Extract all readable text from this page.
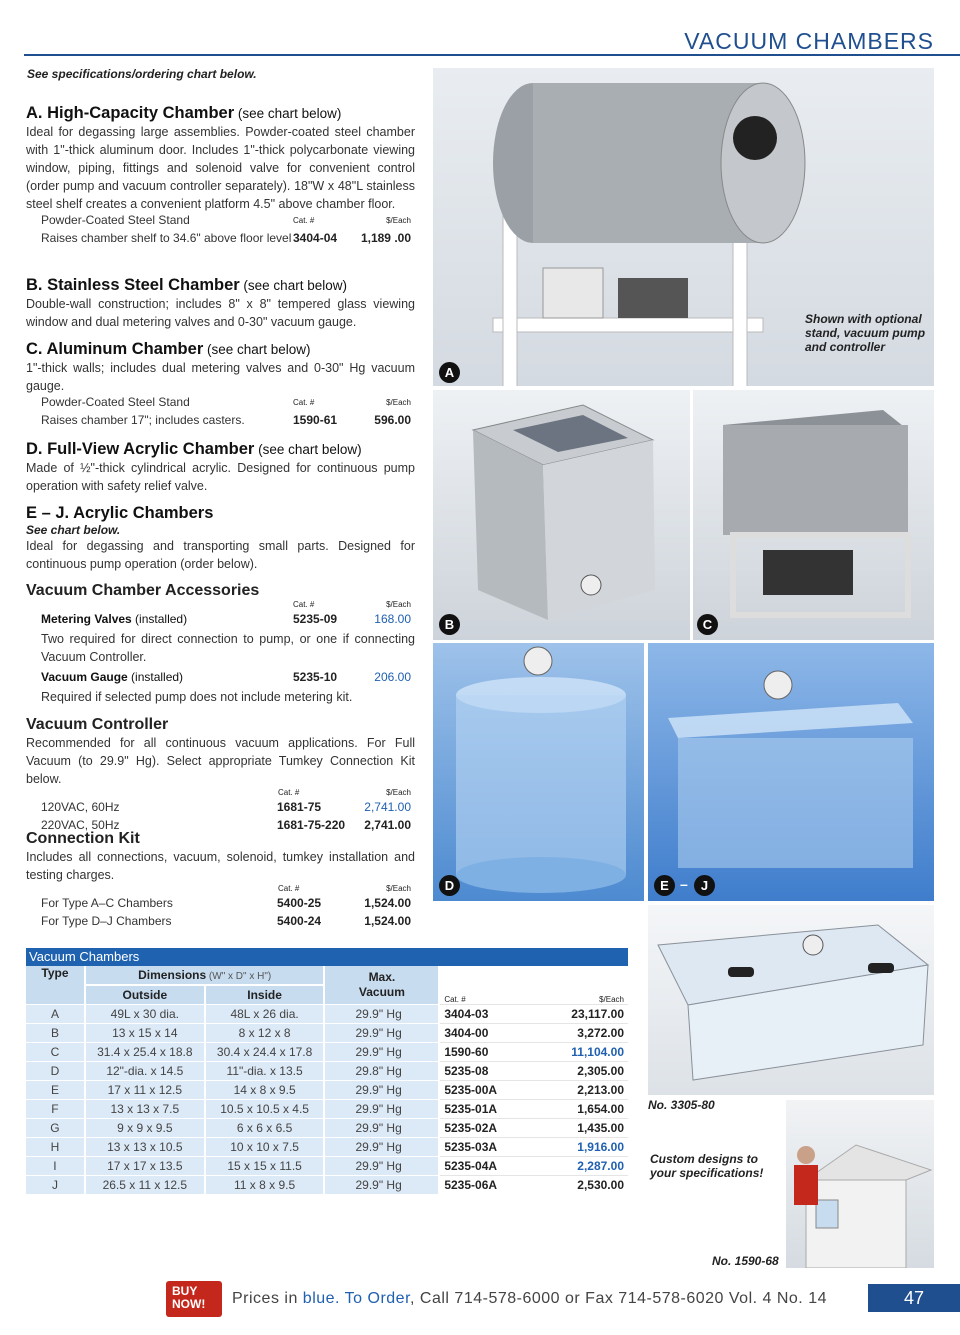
VACUUM CHAMBERS
See specifications/ordering chart below.
A. High-Capacity Chamber (see chart below)

Ideal for degassing large assemblies. Powder-coated steel chamber with 1"-thick aluminum door. Includes 1"-thick polycarbonate viewing window, piping, fittings and solenoid valve for convenient control (order pump and vacuum controller separately). 18"W x 48"L stainless steel shelf creates a convenient platform 4.5" above chamber floor.

Powder-Coated Steel Stand	Cat. #	$/Each
Raises chamber shelf to 34.6" above floor level 3404-04 1,189 .00
B. Stainless Steel Chamber (see chart below)

Double-wall construction; includes 8" x 8" tempered glass viewing window and dual metering valves and 0-30" vacuum gauge.

C. Aluminum Chamber (see chart below)

1"-thick walls; includes dual metering valves and 0-30" Hg vacuum gauge.

Powder-Coated Steel Stand	Cat. #	$/Each
Raises chamber 17"; includes casters.	1590-61	596.00
D. Full-View Acrylic Chamber (see chart below)

Made of ½"-thick cylindrical acrylic. Designed for continuous pump operation with safety relief valve.

E – J. Acrylic Chambers
See chart below.

Ideal for degassing and transporting small parts. Designed for continuous pump operation (order below).

Vacuum Chamber Accessories
Cat. #	$/Each
Metering Valves (installed)	5235-09	168.00

Two required for direct connection to pump, or one if connecting Vacuum Controller.

Vacuum Gauge (installed)	5235-10	206.00

Required if selected pump does not include metering kit.

Vacuum Controller

Recommended for all continuous vacuum applications. For Full Vacuum (to 29.9" Hg). Select appropriate Tumkey Connection Kit below.

Cat. #	$/Each
120VAC, 60Hz	1681-75	2,741.00
220VAC, 50Hz	1681-75-220 2,741.00
Connection Kit

Includes all connections, vacuum, solenoid, tumkey installation and testing charges.

Cat. #	$/Each
For Type A–C Chambers	5400-25	1,524.00
For Type D–J Chambers	5400-24	1,524.00
Shown with optional stand, vacuum pump and controller
A
B	C
D	E –	J
No. 3305-80
Custom designs to your specifications!
No. 1590-68
Vacuum Chambers
Type	Dimensions (W" x D" x H")		Max.
Vacuum	Cat. # $/Each

	Outside	Inside		
A	49L x 30 dia.	48L x 26 dia.	29.9" Hg	3404-03 23,117.00

B	13 x 15 x 14	8 x 12 x 8	29.9" Hg	3404-00 3,272.00

C	31.4 x 25.4 x 18.8	30.4 x 24.4 x 17.8	29.9" Hg	1590-60 11,104.00

D	12"-dia. x 14.5	11"-dia. x 13.5	29.8" Hg	5235-08 2,305.00

E	17 x 11 x 12.5	14 x 8 x 9.5	29.9" Hg	5235-00A 2,213.00

F	13 x 13 x 7.5	10.5 x 10.5 x 4.5	29.9" Hg	5235-01A 1,654.00

G	9 x 9 x 9.5	6 x 6 x 6.5	29.9" Hg	5235-02A 1,435.00

H	13 x 13 x 10.5	10 x 10 x 7.5	29.9" Hg	5235-03A 1,916.00

I	17 x 17 x 13.5	15 x 15 x 11.5	29.9" Hg	5235-04A 2,287.00

J	26.5 x 11 x 12.5	11 x 8 x 9.5	29.9" Hg	5235-06A 2,530.00
BUY
NOW!	Prices in blue. To Order, Call 714-578-6000 or Fax 714-578-6020 Vol. 4 No. 14	47
